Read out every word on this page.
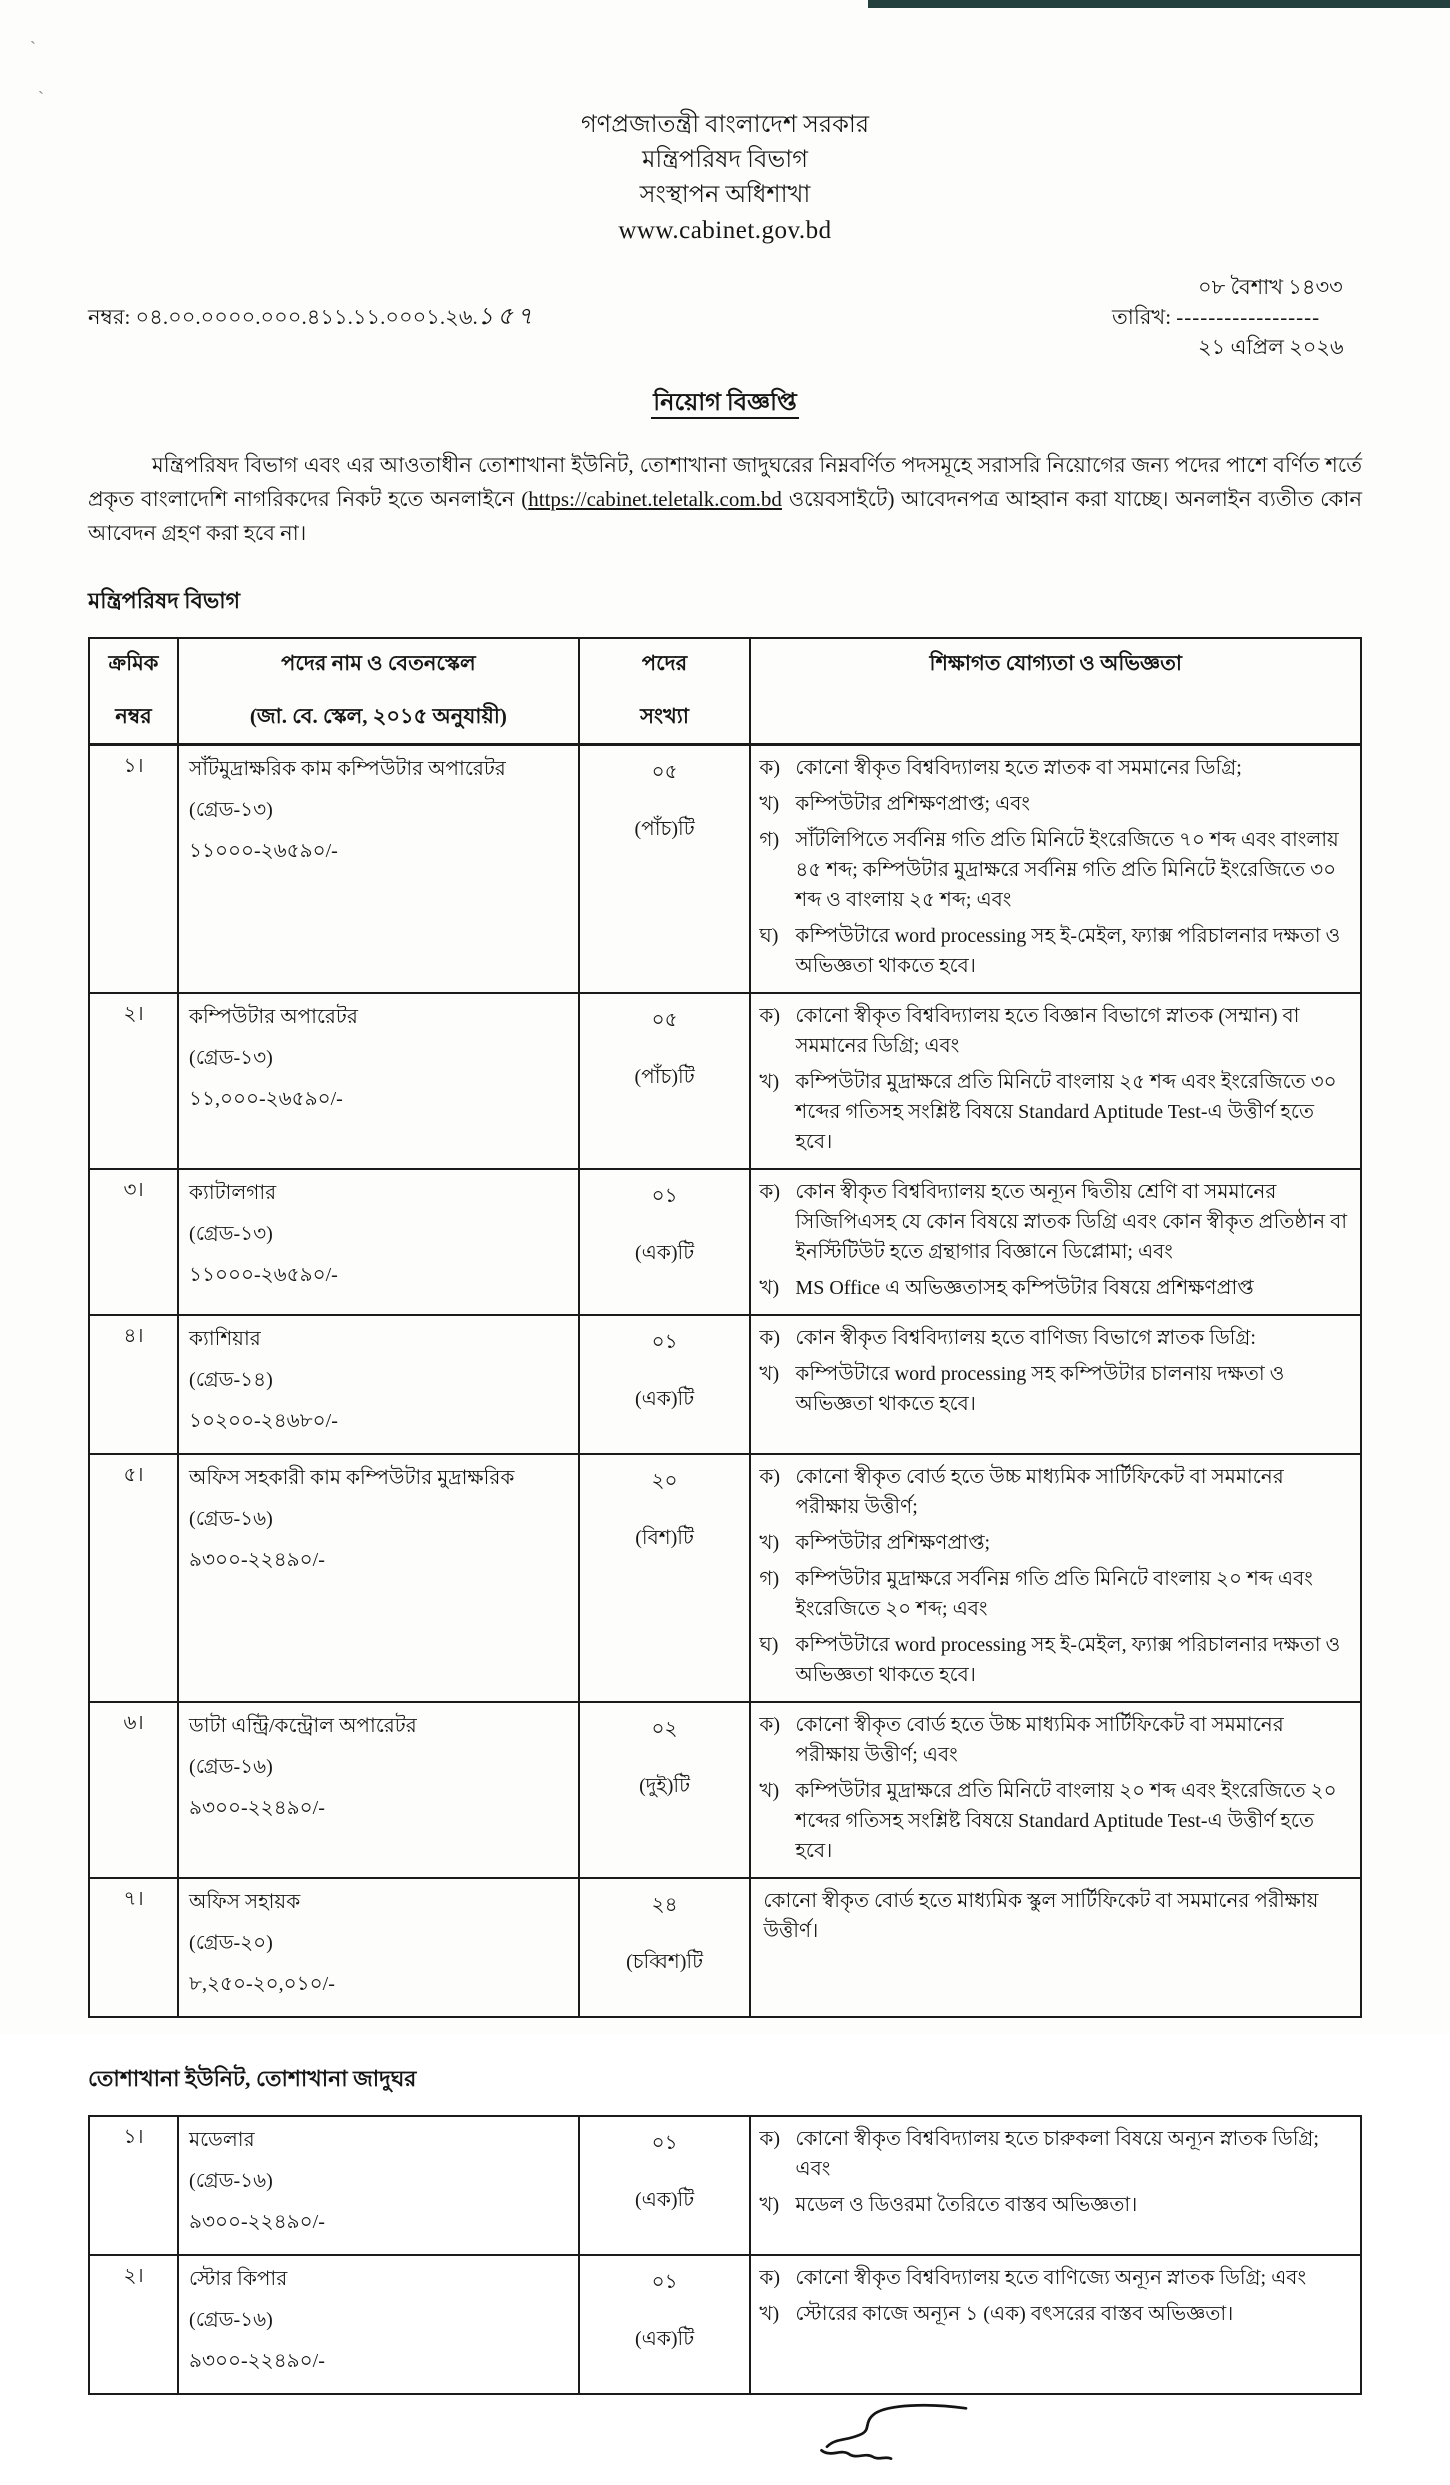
`
`
গণপ্রজাতন্ত্রী বাংলাদেশ সরকার
মন্ত্রিপরিষদ বিভাগ
সংস্থাপন অধিশাখা
www.cabinet.gov.bd
নম্বর: ০৪.০০.০০০০.০০০.৪১১.১১.০০০১.২৬.১৫৭
০৮ বৈশাখ ১৪৩৩
তারিখ: ------------------
২১ এপ্রিল ২০২৬
নিয়োগ বিজ্ঞপ্তি
মন্ত্রিপরিষদ বিভাগ এবং এর আওতাধীন তোশাখানা ইউনিট, তোশাখানা জাদুঘরের নিম্নবর্ণিত পদসমূহে সরাসরি নিয়োগের জন্য পদের পাশে বর্ণিত শর্তে প্রকৃত বাংলাদেশি নাগরিকদের নিকট হতে অনলাইনে (https://cabinet.teletalk.com.bd ওয়েবসাইটে) আবেদনপত্র আহ্বান করা যাচ্ছে। অনলাইন ব্যতীত কোন আবেদন গ্রহণ করা হবে না।
মন্ত্রিপরিষদ বিভাগ
ক্রমিক
নম্বর

পদের নাম ও বেতনস্কেল
(জা. বে. স্কেল, ২০১৫ অনুযায়ী)

পদের
সংখ্যা

শিক্ষাগত যোগ্যতা ও অভিজ্ঞতা

১।	সাঁটমুদ্রাক্ষরিক কাম কম্পিউটার অপারেটর
(গ্রেড-১৩)
১১০০০-২৬৫৯০/-

০৫
(পাঁচ)টি

ক) কোনো স্বীকৃত বিশ্ববিদ্যালয় হতে স্নাতক বা সমমানের ডিগ্রি;
খ) কম্পিউটার প্রশিক্ষণপ্রাপ্ত; এবং
গ) সাঁটলিপিতে সর্বনিম্ন গতি প্রতি মিনিটে ইংরেজিতে ৭০ শব্দ এবং বাংলায় ৪৫ শব্দ; কম্পিউটার মুদ্রাক্ষরে সর্বনিম্ন গতি প্রতি মিনিটে ইংরেজিতে ৩০ শব্দ ও বাংলায় ২৫ শব্দ; এবং
ঘ) কম্পিউটারে word processing সহ ই-মেইল, ফ্যাক্স পরিচালনার দক্ষতা ও অভিজ্ঞতা থাকতে হবে।

২।	কম্পিউটার অপারেটর
(গ্রেড-১৩)
১১,০০০-২৬৫৯০/-

০৫
(পাঁচ)টি

ক) কোনো স্বীকৃত বিশ্ববিদ্যালয় হতে বিজ্ঞান বিভাগে স্নাতক (সম্মান) বা সমমানের ডিগ্রি; এবং
খ) কম্পিউটার মুদ্রাক্ষরে প্রতি মিনিটে বাংলায় ২৫ শব্দ এবং ইংরেজিতে ৩০ শব্দের গতিসহ সংশ্লিষ্ট বিষয়ে Standard Aptitude Test-এ উত্তীর্ণ হতে হবে।

৩।	ক্যাটালগার
(গ্রেড-১৩)
১১০০০-২৬৫৯০/-

০১
(এক)টি

ক) কোন স্বীকৃত বিশ্ববিদ্যালয় হতে অন্যূন দ্বিতীয় শ্রেণি বা সমমানের সিজিপিএসহ যে কোন বিষয়ে স্নাতক ডিগ্রি এবং কোন স্বীকৃত প্রতিষ্ঠান বা ইনস্টিটিউট হতে গ্রন্থাগার বিজ্ঞানে ডিপ্লোমা; এবং
খ) MS Office এ অভিজ্ঞতাসহ কম্পিউটার বিষয়ে প্রশিক্ষণপ্রাপ্ত

৪।	ক্যাশিয়ার
(গ্রেড-১৪)
১০২০০-২৪৬৮০/-

০১
(এক)টি

ক) কোন স্বীকৃত বিশ্ববিদ্যালয় হতে বাণিজ্য বিভাগে স্নাতক ডিগ্রি:
খ) কম্পিউটারে word processing সহ কম্পিউটার চালনায় দক্ষতা ও অভিজ্ঞতা থাকতে হবে।

৫।	অফিস সহকারী কাম কম্পিউটার মুদ্রাক্ষরিক
(গ্রেড-১৬)
৯৩০০-২২৪৯০/-

২০
(বিশ)টি

ক) কোনো স্বীকৃত বোর্ড হতে উচ্চ মাধ্যমিক সার্টিফিকেট বা সমমানের পরীক্ষায় উত্তীর্ণ;
খ) কম্পিউটার প্রশিক্ষণপ্রাপ্ত;
গ) কম্পিউটার মুদ্রাক্ষরে সর্বনিম্ন গতি প্রতি মিনিটে বাংলায় ২০ শব্দ এবং ইংরেজিতে ২০ শব্দ; এবং
ঘ) কম্পিউটারে word processing সহ ই-মেইল, ফ্যাক্স পরিচালনার দক্ষতা ও অভিজ্ঞতা থাকতে হবে।

৬।	ডাটা এন্ট্রি/কন্ট্রোল অপারেটর
(গ্রেড-১৬)
৯৩০০-২২৪৯০/-

০২
(দুই)টি

ক) কোনো স্বীকৃত বোর্ড হতে উচ্চ মাধ্যমিক সার্টিফিকেট বা সমমানের পরীক্ষায় উত্তীর্ণ; এবং
খ) কম্পিউটার মুদ্রাক্ষরে প্রতি মিনিটে বাংলায় ২০ শব্দ এবং ইংরেজিতে ২০ শব্দের গতিসহ সংশ্লিষ্ট বিষয়ে Standard Aptitude Test-এ উত্তীর্ণ হতে হবে।

৭।	অফিস সহায়ক
(গ্রেড-২০)
৮,২৫০-২০,০১০/-

২৪
(চব্বিশ)টি

কোনো স্বীকৃত বোর্ড হতে মাধ্যমিক স্কুল সার্টিফিকেট বা সমমানের পরীক্ষায় উত্তীর্ণ।
তোশাখানা ইউনিট, তোশাখানা জাদুঘর
১।	মডেলার
(গ্রেড-১৬)
৯৩০০-২২৪৯০/-

০১
(এক)টি

ক) কোনো স্বীকৃত বিশ্ববিদ্যালয় হতে চারুকলা বিষয়ে অন্যূন স্নাতক ডিগ্রি; এবং
খ) মডেল ও ডিওরমা তৈরিতে বাস্তব অভিজ্ঞতা।

২।	স্টোর কিপার
(গ্রেড-১৬)
৯৩০০-২২৪৯০/-

০১
(এক)টি

ক) কোনো স্বীকৃত বিশ্ববিদ্যালয় হতে বাণিজ্যে অন্যূন স্নাতক ডিগ্রি; এবং
খ) স্টোরের কাজে অন্যূন ১ (এক) বৎসরের বাস্তব অভিজ্ঞতা।
